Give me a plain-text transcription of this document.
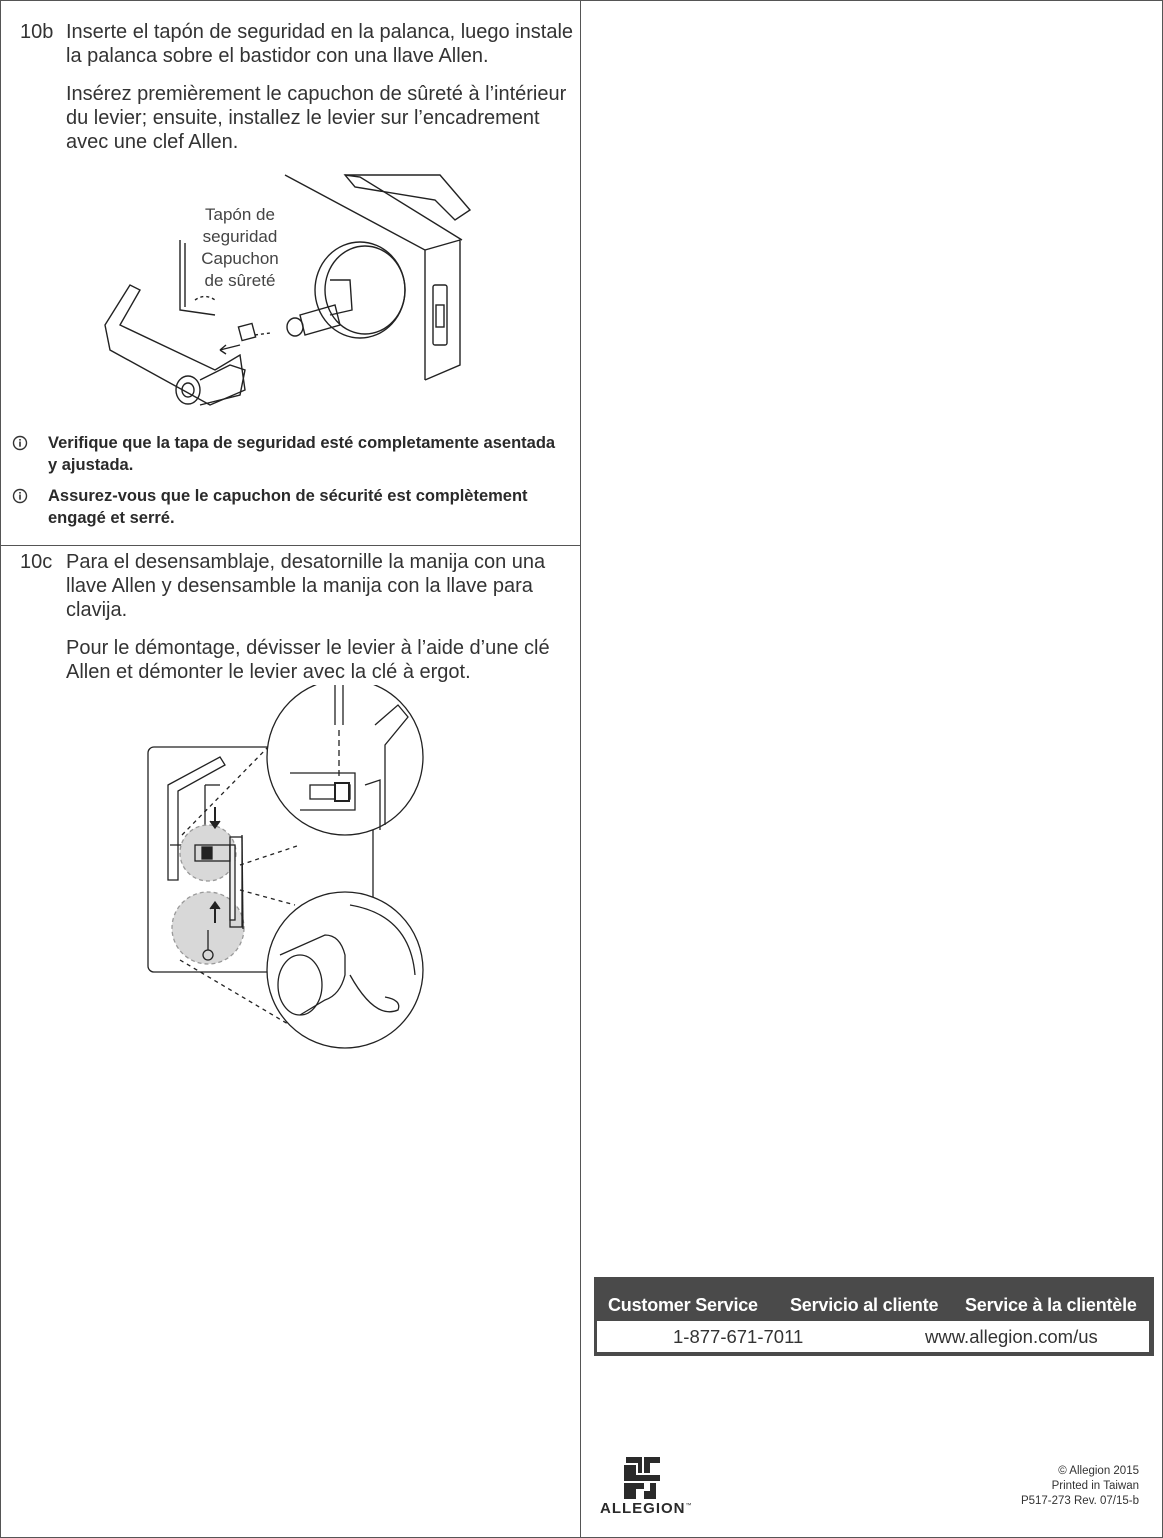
10b Inserte el tapón de seguridad en la palanca, luego instale la palanca sobre el bastidor con una llave Allen.

Insérez premièrement le capuchon de sûreté à l’intérieur du levier; ensuite, installez le levier sur l’encadrement avec une clef Allen.

Tapón de
seguridad
Capuchon
de sûreté
Verifique que la tapa de seguridad esté completamente asentada y ajustada.
Assurez-vous que le capuchon de sécurité est complètement engagé et serré.
10c Para el desensamblaje, desatornille la manija con una llave Allen y desensamble la manija con la llave para clavija.

Pour le démontage, dévisser le levier à l’aide d’une clé Allen et démonter le levier avec la clé à ergot.

Customer Service Servicio al cliente Service à la clientèle
1-877-671-7011	www.allegion.com/us
ALLEGION™
© Allegion 2015
Printed in Taiwan
P517-273 Rev. 07/15-b
